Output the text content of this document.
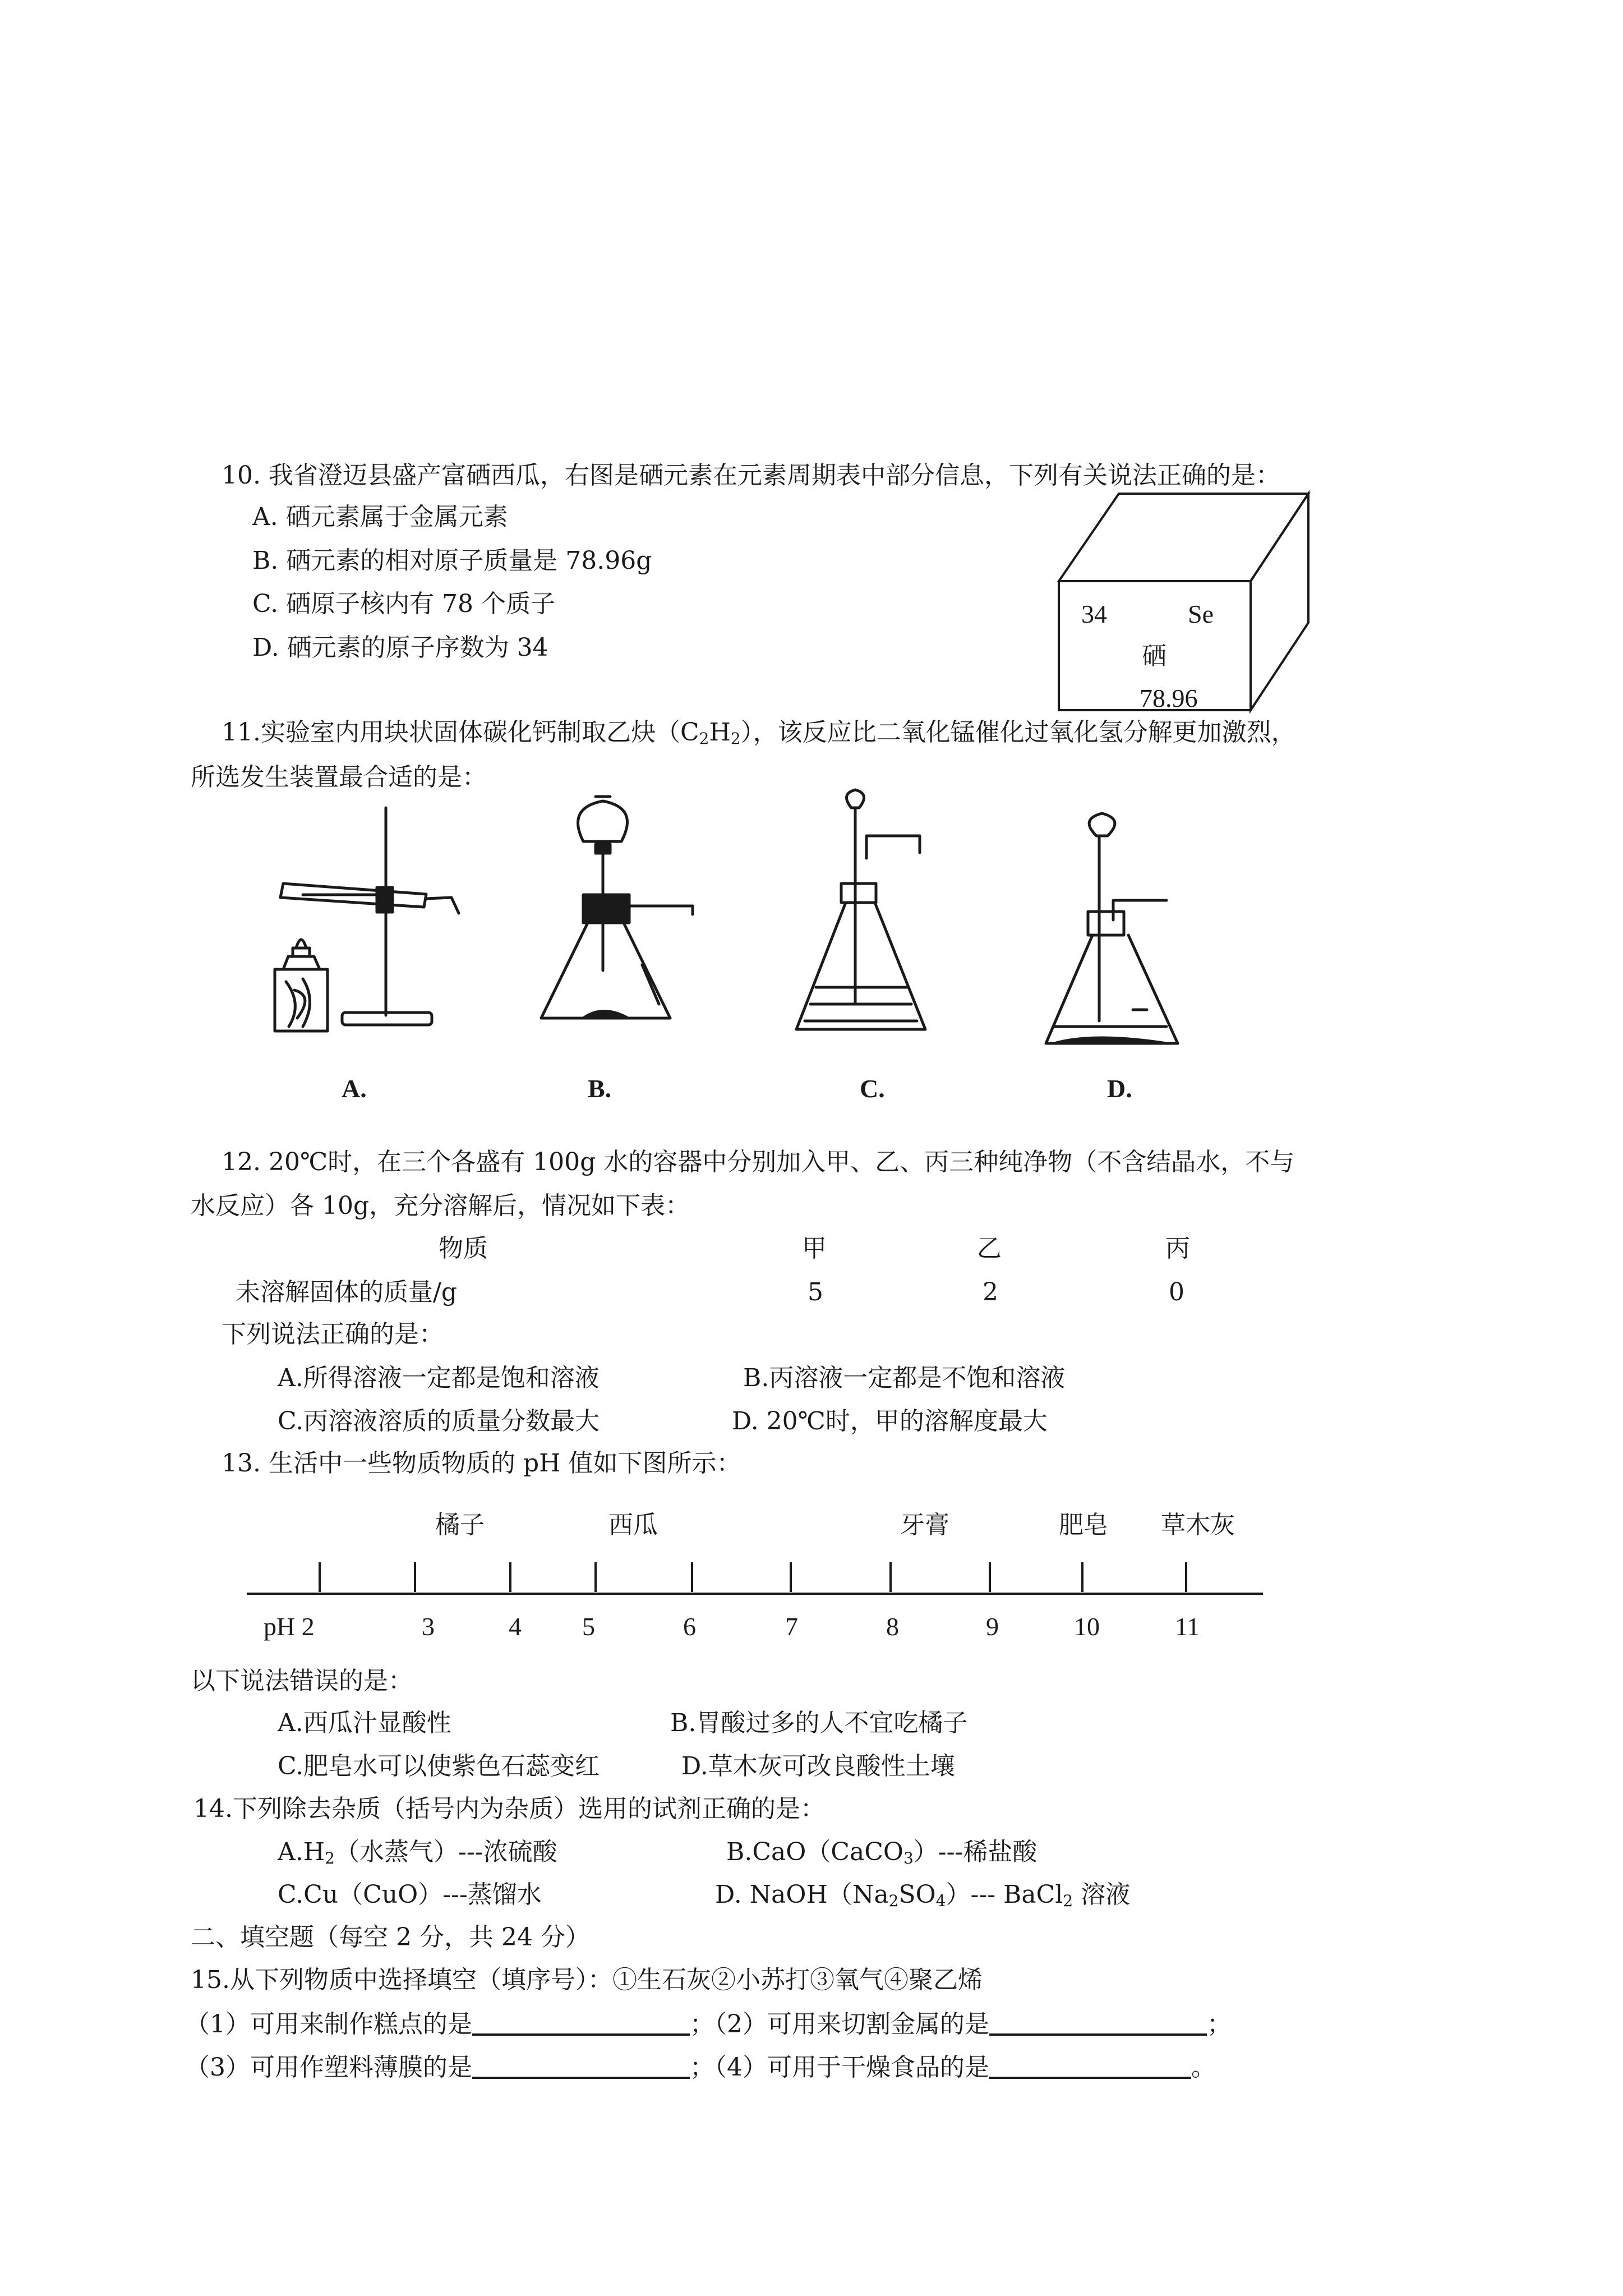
10. 我省澄迈县盛产富硒西瓜，右图是硒元素在元素周期表中部分信息，下列有关说法正确的是：
A. 硒元素属于金属元素
B. 硒元素的相对原子质量是 78.96g
C. 硒原子核内有 78 个质子
D. 硒元素的原子序数为 34
34	Se
硒
78.96
11.实验室内用块状固体碳化钙制取乙炔$(C_2H_2)$，该反应比二氧化锰催化过氧化氢分解更加激烈，
所选发生装置最合适的是：
A.	B.	C.	D.
12. 20℃时，在三个各盛有 100g 水的容器中分别加入甲、乙、丙三种纯净物（不含结晶水，不与
水反应）各 10g，充分溶解后，情况如下表：
物质	甲	乙	丙
未溶解固体的质量/g	5	2	0
下列说法正确的是：
A.所得溶液一定都是饱和溶液	B.丙溶液一定都是不饱和溶液
C.丙溶液溶质的质量分数最大	D. 20℃时，甲的溶解度最大
13. 生活中一些物质物质的 pH 值如下图所示：
橘子	西瓜	牙膏	肥皂 草木灰
pH 2	3	4 5	6	7	8	9	10	11
以下说法错误的是：
A.西瓜汁显酸性	B.胃酸过多的人不宜吃橘子
C.肥皂水可以使紫色石蕊变红	D.草木灰可改良酸性土壤
14.下列除去杂质（括号内为杂质）选用的试剂正确的是：
$A.H_2$（水蒸气）---浓硫酸	B.CaO（CaCO$_3$）---稀盐酸
C.Cu（CuO）---蒸馏水	D. $NaOH(Na_2SO_4)---$ BaCl$_2$ 溶液
二、填空题（每空 2 分，共 24 分）
15.从下列物质中选择填空（填序号）：①生石灰②小苏打③氧气④聚乙烯
（1）可用来制作糕点的是	；（2）可用来切割金属的是	；
（3）可用作塑料薄膜的是	；（4）可用于干燥食品的是	。
